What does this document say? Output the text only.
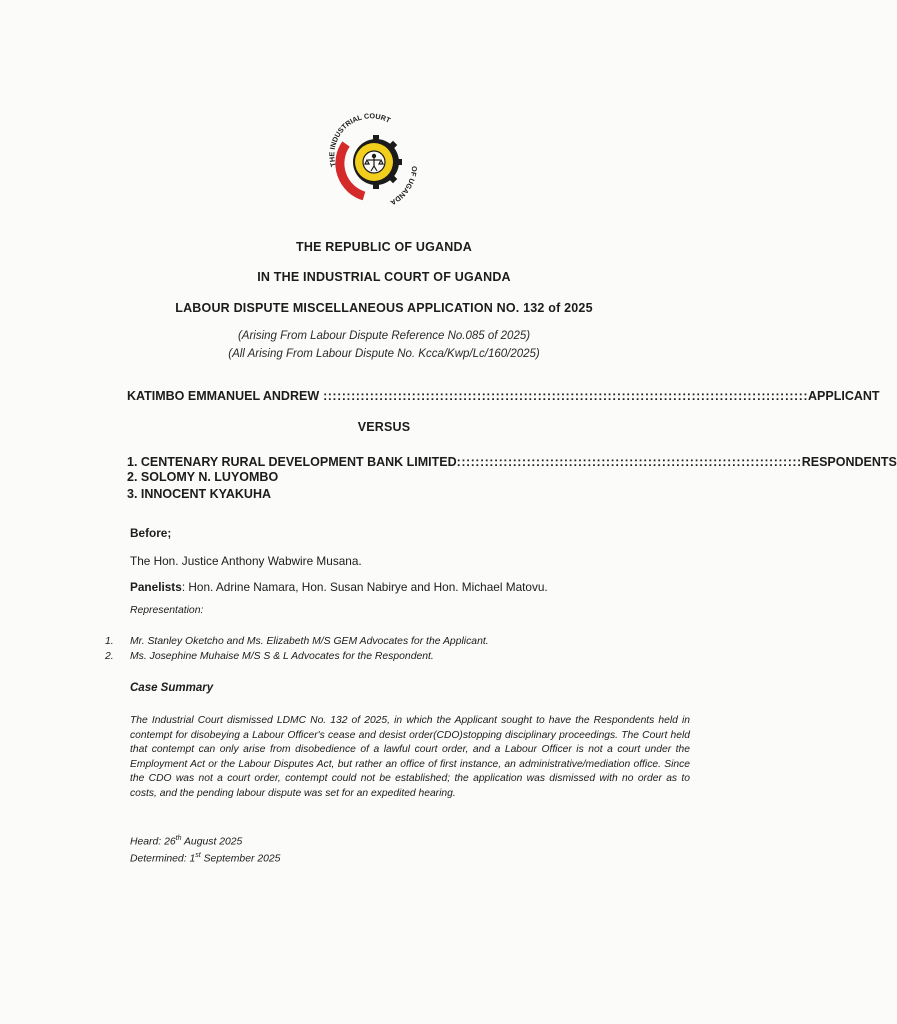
THE INDUSTRIAL COURT
OF UGANDA
THE REPUBLIC OF UGANDA
IN THE INDUSTRIAL COURT OF UGANDA
LABOUR DISPUTE MISCELLANEOUS APPLICATION NO. 132 of 2025
(Arising From Labour Dispute Reference No.085 of 2025)
(All Arising From Labour Dispute No. Kcca/Kwp/Lc/160/2025)
KATIMBO EMMANUEL ANDREW :::::::::::::::::::::::::::::::::::::::::::::::::::::::::::::::::::::::::::::::::::::::::::::::::::::::: APPLICANT
VERSUS
1. CENTENARY RURAL DEVELOPMENT BANK LIMITED :::::::::::::::::::::::::::::::::::::::::::::::::::::::::::::::::::::::::: RESPONDENTS
2. SOLOMY N. LUYOMBO
3. INNOCENT KYAKUHA
Before;
The Hon. Justice Anthony Wabwire Musana.
Panelists: Hon. Adrine Namara, Hon. Susan Nabirye and Hon. Michael Matovu.
Representation:
1.	Mr. Stanley Oketcho and Ms. Elizabeth M/S GEM Advocates for the Applicant.
2.	Ms. Josephine Muhaise M/S S & L Advocates for the Respondent.
Case Summary
The Industrial Court dismissed LDMC No. 132 of 2025, in which the Applicant sought to have the Respondents held in contempt for disobeying a Labour Officer's cease and desist order(CDO)stopping disciplinary proceedings. The Court held that contempt can only arise from disobedience of a lawful court order, and a Labour Officer is not a court under the Employment Act or the Labour Disputes Act, but rather an office of first instance, an administrative/mediation office. Since the CDO was not a court order, contempt could not be established; the application was dismissed with no order as to costs, and the pending labour dispute was set for an expedited hearing.
Heard: 26th August 2025
Determined: 1st September 2025
